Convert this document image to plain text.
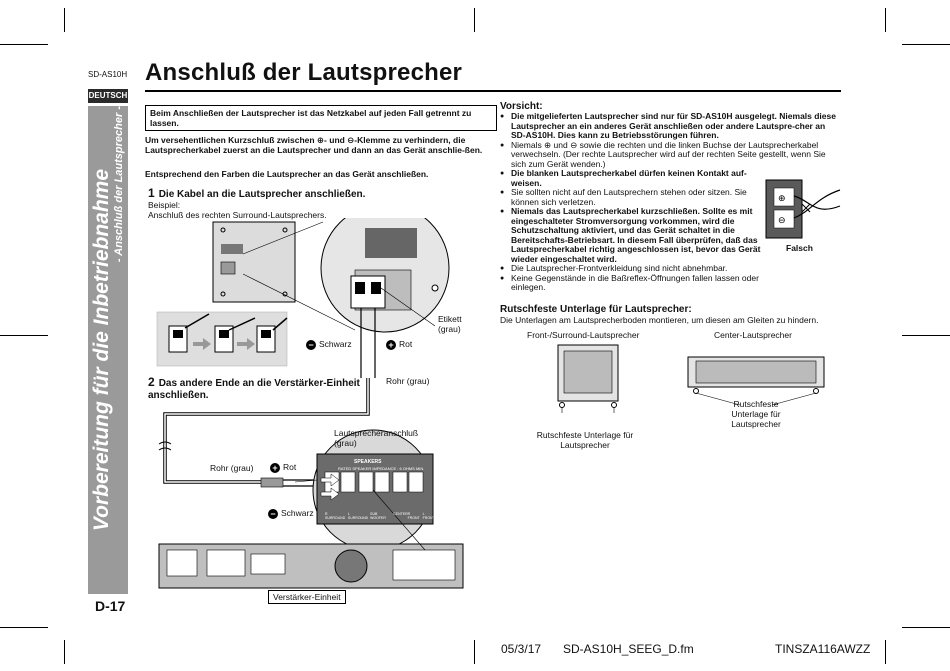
SD-AS10H Anschluß der Lautsprecher
DEUTSCH
Vorbereitung für die Inbetriebnahme - Anschluß der Lautsprecher -
D-17
Beim Anschließen der Lautsprecher ist das Netzkabel auf jeden Fall getrennt zu lassen.
Um versehentlichen Kurzschluß zwischen ⊕- und ⊖-Klemme zu verhindern, die Lautsprecherkabel zuerst an die Lautsprecher und dann an das Gerät anschlie-ßen.
Entsprechend den Farben die Lautsprecher an das Gerät anschließen.
1 Die Kabel an die Lautsprecher anschließen.
Beispiel:
Anschluß des rechten Surround-Lautsprechers.
2 Das andere Ende an die Verstärker-Einheit anschließen.
Etikett (grau)
− Schwarz	+ Rot
Rohr (grau)
Lautsprecheranschluß (grau)
Rohr (grau) + Rot
− Schwarz
Verstärker-Einheit
SPEAKERS
RATED SPEAKER IMPEDANCE : 6 OHMS MIN.
R SURROUND
L SURROUND
SUB WOOFER
CENTER R FRONT
L FRONT
Vorsicht:
● Die mitgelieferten Lautsprecher sind nur für SD-AS10H ausgelegt. Niemals diese Lautsprecher an ein anderes Gerät anschließen oder andere Lautspre-cher an SD-AS10H. Dies kann zu Betriebsstörungen führen.
● Niemals ⊕ und ⊖ sowie die rechten und die linken Buchse der Lautsprecherkabel verwechseln. (Der rechte Lautsprecher wird auf der rechten Seite gestellt, wenn Sie sich zum Gerät wenden.)
● Die blanken Lautsprecherkabel dürfen keinen Kontakt auf-weisen.
● Sie sollten nicht auf den Lautsprechern stehen oder sitzen. Sie können sich verletzen.
● Niemals das Lautsprecherkabel kurzschließen. Sollte es mit eingeschalteter Stromversorgung vorkommen, wird die Schutzschaltung aktiviert, und das Gerät schaltet in die Bereitschafts-Betriebsart. In diesem Fall überprüfen, daß das Lautsprecherkabel richtig angeschlossen ist, bevor das Gerät wieder eingeschaltet wird.
● Die Lautsprecher-Frontverkleidung sind nicht abnehmbar.
● Keine Gegenstände in die Baßreflex-Öffnungen fallen lassen oder einlegen.
⊕
⊖
Falsch
Rutschfeste Unterlage für Lautsprecher:
Die Unterlagen am Lautsprecherboden montieren, um diesen am Gleiten zu hindern.
Front-/Surround-Lautsprecher	Center-Lautsprecher
Rutschfeste Unterlage für Lautsprecher
Rutschfeste Unterlage für Lautsprecher
05/3/17 SD-AS10H_SEEG_D.fm	TINSZA116AWZZ
